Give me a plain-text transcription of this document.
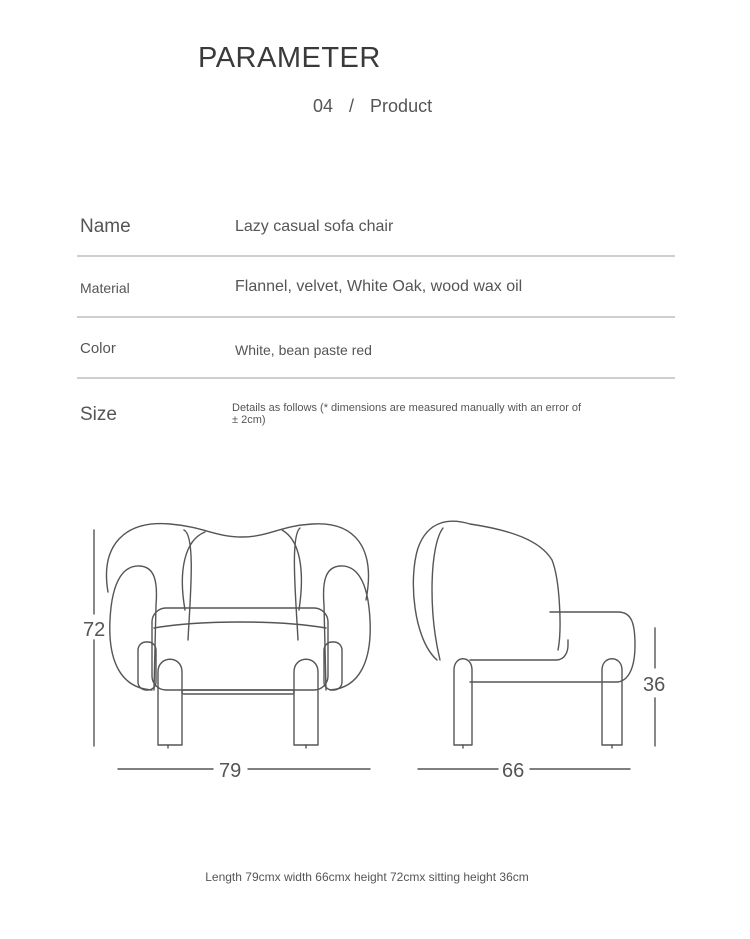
PARAMETER
04 / Product
Name	Lazy casual sofa chair
Material	Flannel, velvet, White Oak, wood wax oil
Color	White, bean paste red
Size	Details as follows (* dimensions are measured manually with an error of ± 2cm)
72
79	66
36
Length 79cmx width 66cmx height 72cmx sitting height 36cm
